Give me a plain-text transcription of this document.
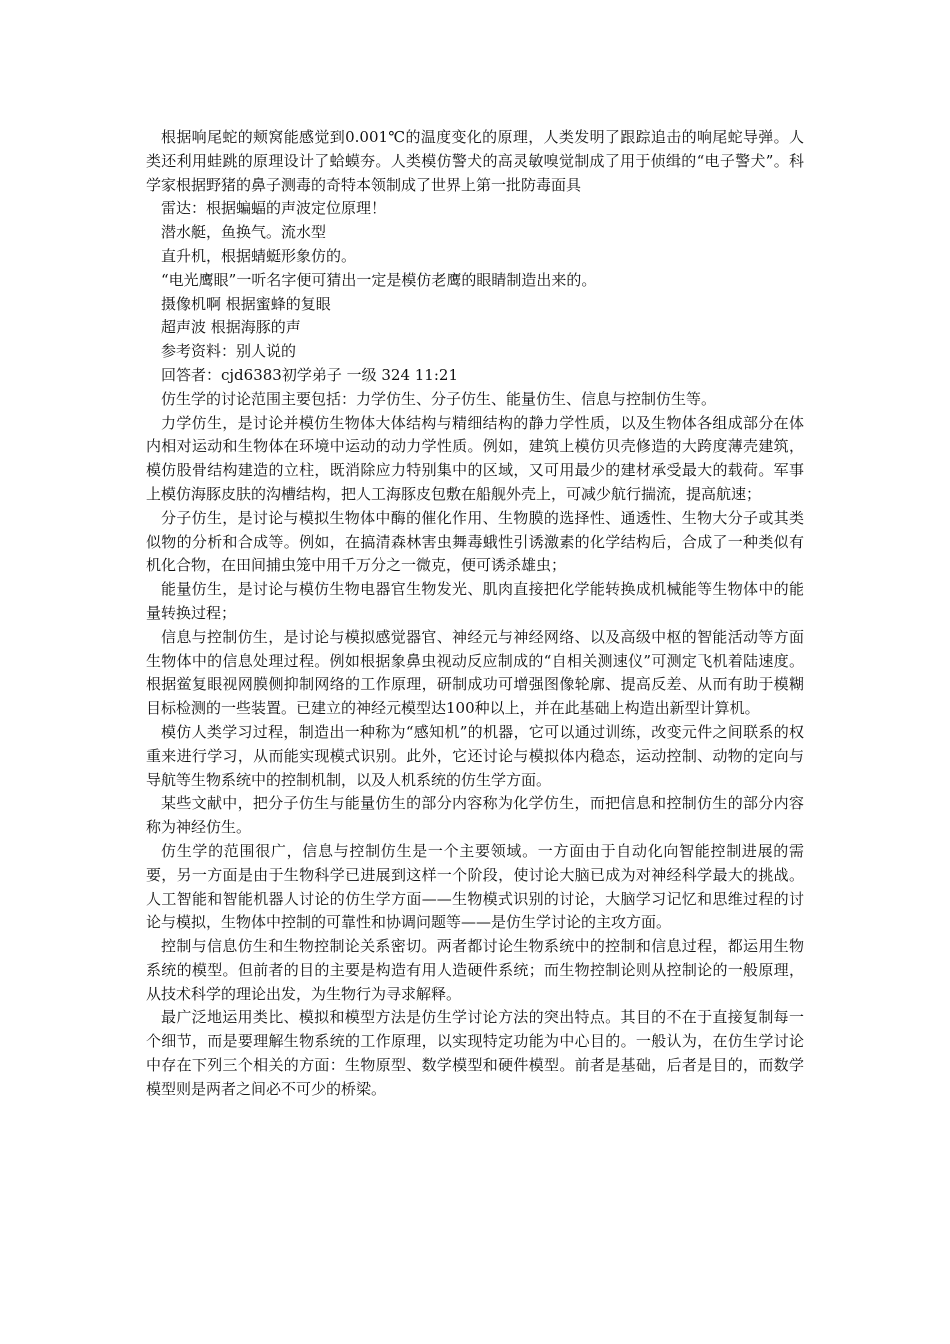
根据响尾蛇的颊窝能感觉到0.001℃的温度变化的原理，人类发明了跟踪追击的响尾蛇导弹。人类还利用蛙跳的原理设计了蛤蟆夯。人类模仿警犬的高灵敏嗅觉制成了用于侦缉的“电子警犬”。科学家根据野猪的鼻子测毒的奇特本领制成了世界上第一批防毒面具

雷达：根据蝙蝠的声波定位原理！

潜水艇，鱼换气。流水型

直升机，根据蜻蜓形象仿的。

“电光鹰眼”一听名字便可猜出一定是模仿老鹰的眼睛制造出来的。

摄像机啊 根据蜜蜂的复眼

超声波 根据海豚的声

参考资料：别人说的

回答者：cjd6383初学弟子 一级 324 11:21

仿生学的讨论范围主要包括：力学仿生、分子仿生、能量仿生、信息与控制仿生等。

力学仿生，是讨论并模仿生物体大体结构与精细结构的静力学性质，以及生物体各组成部分在体内相对运动和生物体在环境中运动的动力学性质。例如，建筑上模仿贝壳修造的大跨度薄壳建筑，模仿股骨结构建造的立柱，既消除应力特别集中的区域，又可用最少的建材承受最大的载荷。军事上模仿海豚皮肤的沟槽结构，把人工海豚皮包敷在船舰外壳上，可减少航行揣流，提高航速；

分子仿生，是讨论与模拟生物体中酶的催化作用、生物膜的选择性、通透性、生物大分子或其类似物的分析和合成等。例如，在搞清森林害虫舞毒蛾性引诱激素的化学结构后，合成了一种类似有机化合物，在田间捕虫笼中用千万分之一微克，便可诱杀雄虫；

能量仿生，是讨论与模仿生物电器官生物发光、肌肉直接把化学能转换成机械能等生物体中的能量转换过程；

信息与控制仿生，是讨论与模拟感觉器官、神经元与神经网络、以及高级中枢的智能活动等方面生物体中的信息处理过程。例如根据象鼻虫视动反应制成的“自相关测速仪”可测定飞机着陆速度。根据鲎复眼视网膜侧抑制网络的工作原理，研制成功可增强图像轮廓、提高反差、从而有助于模糊目标检测的一些装置。已建立的神经元模型达100种以上，并在此基础上构造出新型计算机。

模仿人类学习过程，制造出一种称为“感知机”的机器，它可以通过训练，改变元件之间联系的权重来进行学习，从而能实现模式识别。此外，它还讨论与模拟体内稳态，运动控制、动物的定向与导航等生物系统中的控制机制，以及人机系统的仿生学方面。

某些文献中，把分子仿生与能量仿生的部分内容称为化学仿生，而把信息和控制仿生的部分内容称为神经仿生。

仿生学的范围很广，信息与控制仿生是一个主要领域。一方面由于自动化向智能控制进展的需要，另一方面是由于生物科学已进展到这样一个阶段，使讨论大脑已成为对神经科学最大的挑战。人工智能和智能机器人讨论的仿生学方面——生物模式识别的讨论，大脑学习记忆和思维过程的讨论与模拟，生物体中控制的可靠性和协调问题等——是仿生学讨论的主攻方面。

控制与信息仿生和生物控制论关系密切。两者都讨论生物系统中的控制和信息过程，都运用生物系统的模型。但前者的目的主要是构造有用人造硬件系统；而生物控制论则从控制论的一般原理，从技术科学的理论出发，为生物行为寻求解释。

最广泛地运用类比、模拟和模型方法是仿生学讨论方法的突出特点。其目的不在于直接复制每一个细节，而是要理解生物系统的工作原理，以实现特定功能为中心目的。一般认为，在仿生学讨论中存在下列三个相关的方面：生物原型、数学模型和硬件模型。前者是基础，后者是目的，而数学模型则是两者之间必不可少的桥梁。
